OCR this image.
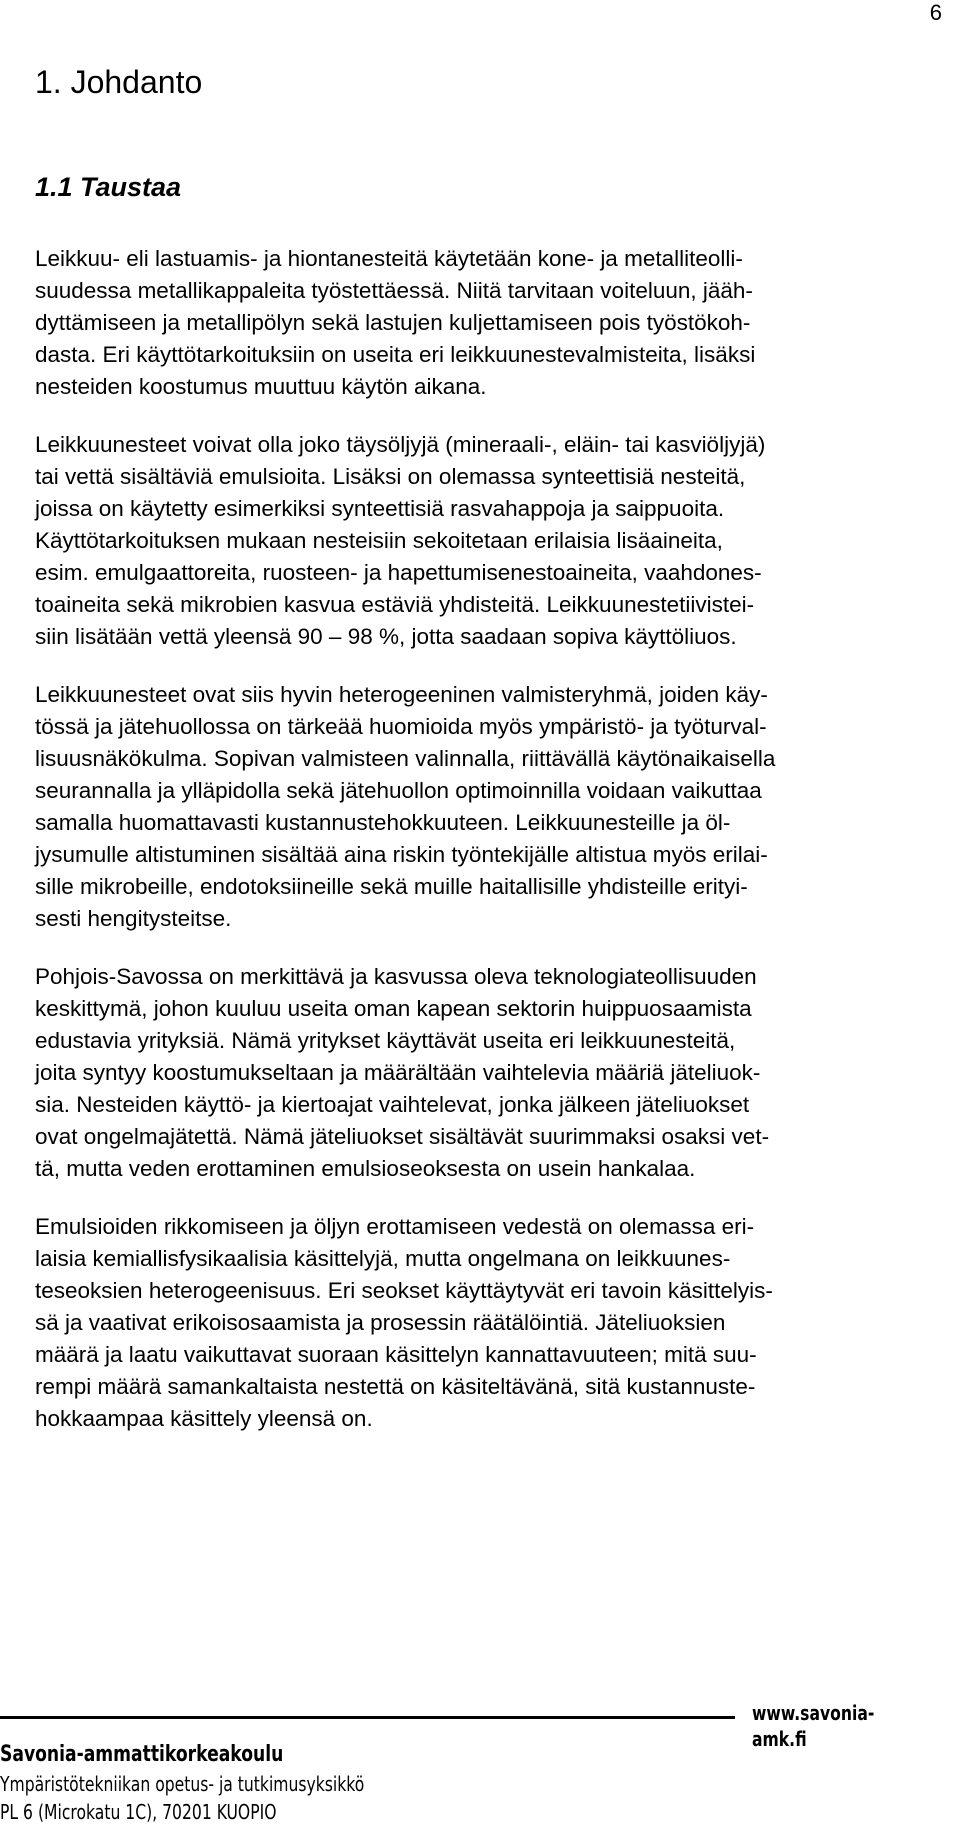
6
1. Johdanto
1.1 Taustaa
Leikkuu- eli lastuamis- ja hiontanesteitä käytetään kone- ja metalliteolli-
suudessa metallikappaleita työstettäessä. Niitä tarvitaan voiteluun, jääh-
dyttämiseen ja metallipölyn sekä lastujen kuljettamiseen pois työstökoh-
dasta. Eri käyttötarkoituksiin on useita eri leikkuunestevalmisteita, lisäksi
nesteiden koostumus muuttuu käytön aikana.
Leikkuunesteet voivat olla joko täysöljyjä (mineraali-, eläin- tai kasviöljyjä)
tai vettä sisältäviä emulsioita. Lisäksi on olemassa synteettisiä nesteitä,
joissa on käytetty esimerkiksi synteettisiä rasvahappoja ja saippuoita.
Käyttötarkoituksen mukaan nesteisiin sekoitetaan erilaisia lisäaineita,
esim. emulgaattoreita, ruosteen- ja hapettumisenestoaineita, vaahdones-
toaineita sekä mikrobien kasvua estäviä yhdisteitä. Leikkuunestetiivistei-
siin lisätään vettä yleensä 90 – 98 %, jotta saadaan sopiva käyttöliuos.
Leikkuunesteet ovat siis hyvin heterogeeninen valmisteryhmä, joiden käy-
tössä ja jätehuollossa on tärkeää huomioida myös ympäristö- ja työturval-
lisuusnäkökulma. Sopivan valmisteen valinnalla, riittävällä käytönaikaisella
seurannalla ja ylläpidolla sekä jätehuollon optimoinnilla voidaan vaikuttaa
samalla huomattavasti kustannustehokkuuteen. Leikkuunesteille ja öl-
jysumulle altistuminen sisältää aina riskin työntekijälle altistua myös erilai-
sille mikrobeille, endotoksiineille sekä muille haitallisille yhdisteille erityi-
sesti hengitysteitse.
Pohjois-Savossa on merkittävä ja kasvussa oleva teknologiateollisuuden
keskittymä, johon kuuluu useita oman kapean sektorin huippuosaamista
edustavia yrityksiä. Nämä yritykset käyttävät useita eri leikkuunesteitä,
joita syntyy koostumukseltaan ja määrältään vaihtelevia määriä jäteliuok-
sia. Nesteiden käyttö- ja kiertoajat vaihtelevat, jonka jälkeen jäteliuokset
ovat ongelmajätettä. Nämä jäteliuokset sisältävät suurimmaksi osaksi vet-
tä, mutta veden erottaminen emulsioseoksesta on usein hankalaa.
Emulsioiden rikkomiseen ja öljyn erottamiseen vedestä on olemassa eri-
laisia kemiallisfysikaalisia käsittelyjä, mutta ongelmana on leikkuunes-
teseoksien heterogeenisuus. Eri seokset käyttäytyvät eri tavoin käsittelyis-
sä ja vaativat erikoisosaamista ja prosessin räätälöintiä. Jäteliuoksien
määrä ja laatu vaikuttavat suoraan käsittelyn kannattavuuteen; mitä suu-
rempi määrä samankaltaista nestettä on käsiteltävänä, sitä kustannuste-
hokkaampaa käsittely yleensä on.
www.savonia-amk.fi
Savonia-ammattikorkeakoulu
Ympäristötekniikan opetus- ja tutkimusyksikkö
PL 6 (Microkatu 1C), 70201 KUOPIO
